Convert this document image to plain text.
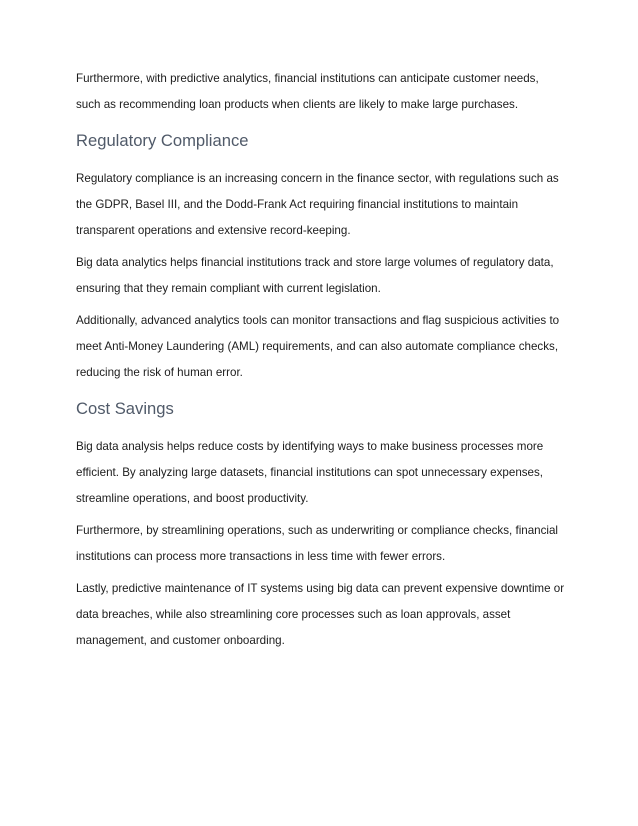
Furthermore, with predictive analytics, financial institutions can anticipate customer needs,
such as recommending loan products when clients are likely to make large purchases.

Regulatory Compliance

Regulatory compliance is an increasing concern in the finance sector, with regulations such as
the GDPR, Basel III, and the Dodd-Frank Act requiring financial institutions to maintain
transparent operations and extensive record-keeping.

Big data analytics helps financial institutions track and store large volumes of regulatory data,
ensuring that they remain compliant with current legislation.

Additionally, advanced analytics tools can monitor transactions and flag suspicious activities to
meet Anti-Money Laundering (AML) requirements, and can also automate compliance checks,
reducing the risk of human error.

Cost Savings

Big data analysis helps reduce costs by identifying ways to make business processes more
efficient. By analyzing large datasets, financial institutions can spot unnecessary expenses,
streamline operations, and boost productivity.

Furthermore, by streamlining operations, such as underwriting or compliance checks, financial
institutions can process more transactions in less time with fewer errors.

Lastly, predictive maintenance of IT systems using big data can prevent expensive downtime or
data breaches, while also streamlining core processes such as loan approvals, asset
management, and customer onboarding.
